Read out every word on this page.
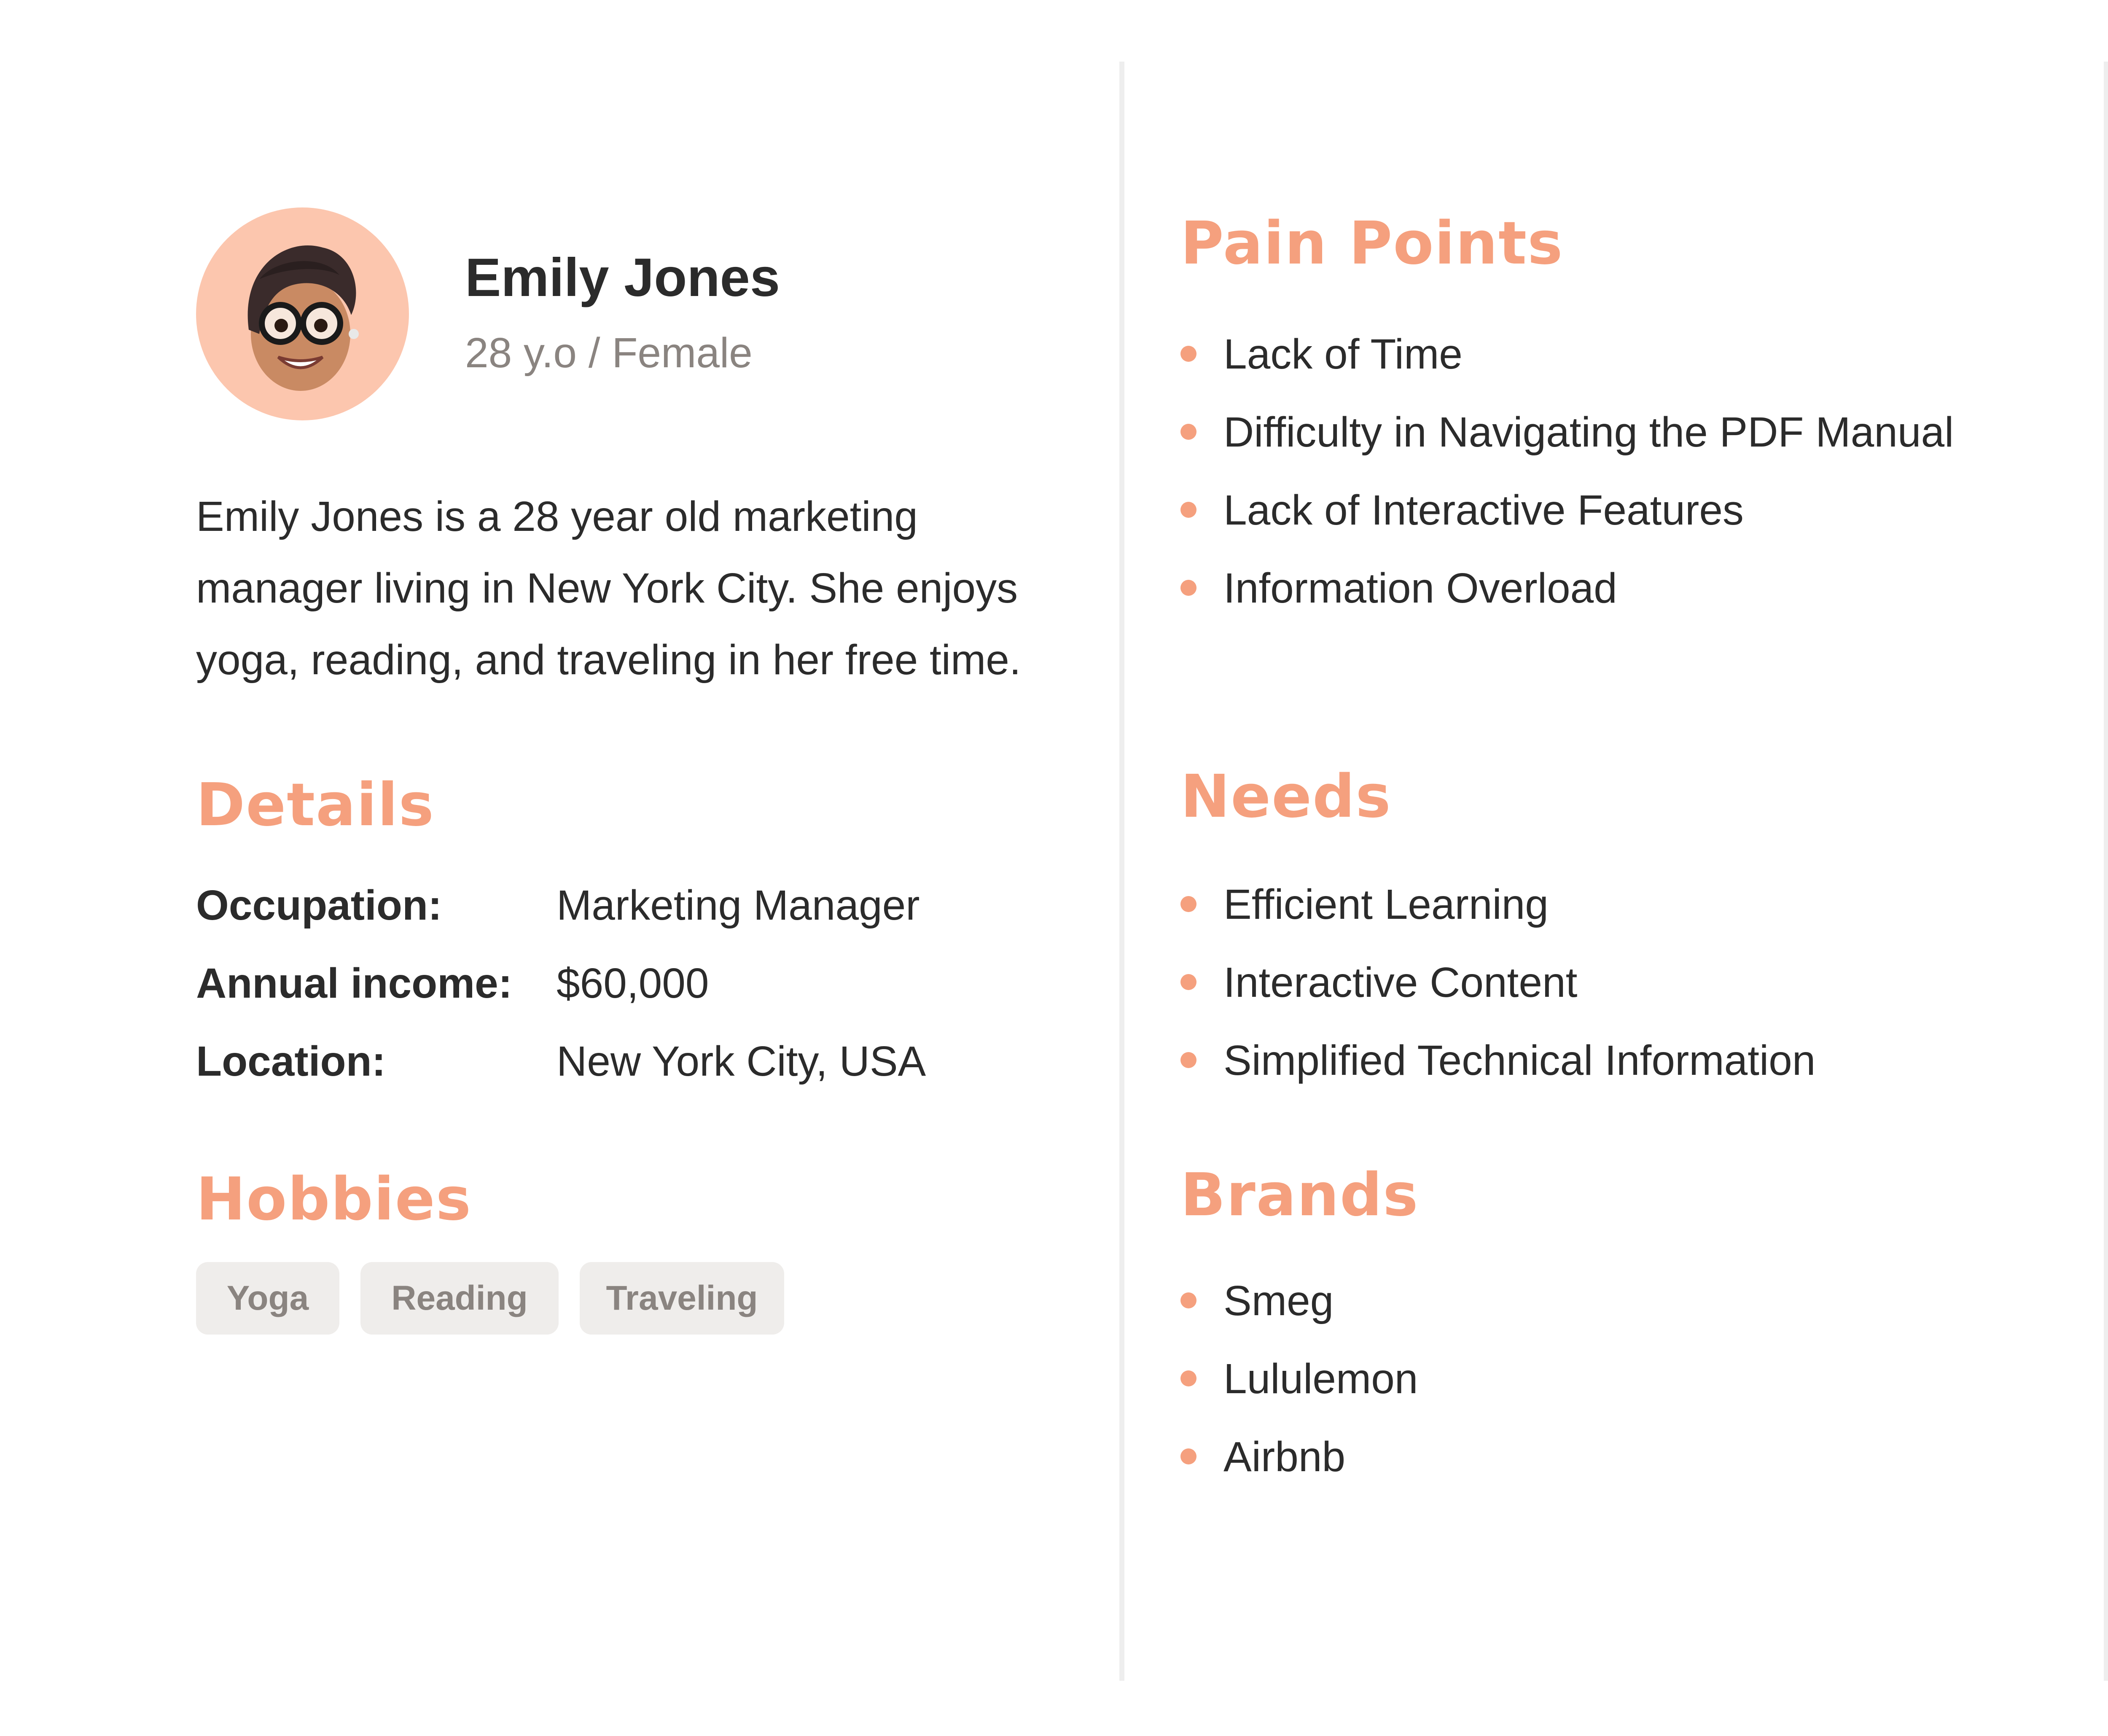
Emily Jones
28 y.o / Female

Emily Jones is a 28 year old marketing manager living in New York City. She enjoys yoga, reading, and traveling in her free time.

Details
Occupation:	Marketing Manager
Annual income: $60,000
Location:	New York City, USA
Hobbies
Yoga	Reading	Traveling
Pain Points
Lack of Time
Difficulty in Navigating the PDF Manual
Lack of Interactive Features
Information Overload
Needs
Efficient Learning
Interactive Content
Simplified Technical Information
Brands
Smeg
Lululemon
Airbnb
